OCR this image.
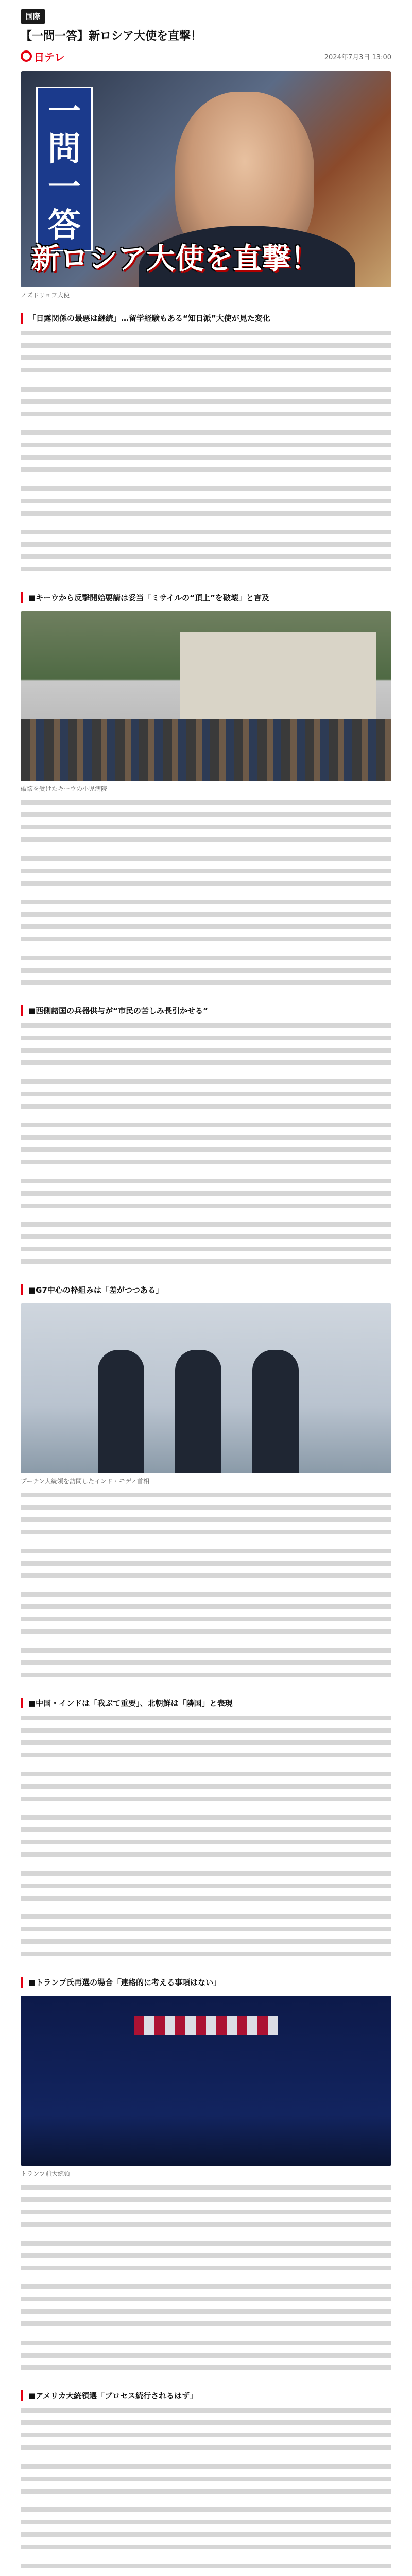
国際
【一問一答】新ロシア大使を直撃！
日テレ	2024年7月3日 13:00
一問一答
新ロシア大使を直撃！

ノズドリョフ大使

「日露関係の最悪は継続」…留学経験もある“知日派”大使が見た変化

■キーウから反撃開始要請は妥当「ミサイルの“頂上”を破壊」と言及

破壊を受けたキーウの小児病院

■西側諸国の兵器供与が“市民の苦しみ長引かせる”

■G7中心の枠組みは「差がつつある」

プーチン大統領を訪問したインド・モディ首相

■中国・インドは「我ぶて重要」、北朝鮮は「隣国」と表現

■トランプ氏再選の場合「連絡的に考える事項はない」

トランプ前大統領

■アメリカ大統領選「プロセス続行されるはず」
